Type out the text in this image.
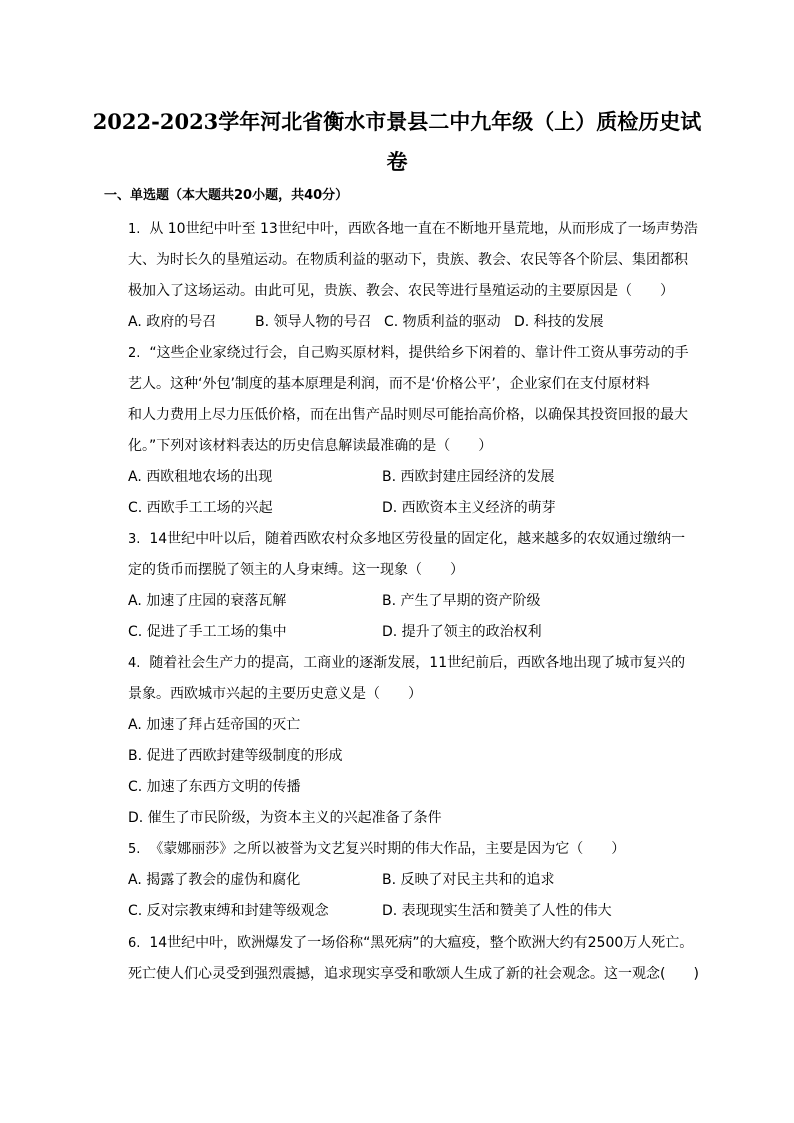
2022-2023学年河北省衡水市景县二中九年级（上）质检历史试
卷
一、单选题（本大题共20小题，共40分）
1. 从 10世纪中叶至 13世纪中叶，西欧各地一直在不断地开垦荒地，从而形成了一场声势浩
大、为时长久的垦殖运动。在物质利益的驱动下，贵族、教会、农民等各个阶层、集团都积
极加入了这场运动。由此可见，贵族、教会、农民等进行垦殖运动的主要原因是（　　）
A. 政府的号召	B. 领导人物的号召 C. 物质利益的驱动 D. 科技的发展
2. “这些企业家绕过行会，自己购买原材料，提供给乡下闲着的、靠计件工资从事劳动的手
艺人。这种‘外包’制度的基本原理是利润，而不是‘价格公平’，企业家们在支付原材料
和人力费用上尽力压低价格，而在出售产品时则尽可能抬高价格，以确保其投资回报的最大
化。”下列对该材料表达的历史信息解读最准确的是（　　）
A. 西欧租地农场的出现	B. 西欧封建庄园经济的发展
C. 西欧手工工场的兴起	D. 西欧资本主义经济的萌芽
3. 14世纪中叶以后，随着西欧农村众多地区劳役量的固定化，越来越多的农奴通过缴纳一
定的货币而摆脱了领主的人身束缚。这一现象（　　）
A. 加速了庄园的衰落瓦解	B. 产生了早期的资产阶级
C. 促进了手工工场的集中	D. 提升了领主的政治权利
4. 随着社会生产力的提高，工商业的逐渐发展，11世纪前后，西欧各地出现了城市复兴的
景象。西欧城市兴起的主要历史意义是（　　）
A. 加速了拜占廷帝国的灭亡
B. 促进了西欧封建等级制度的形成
C. 加速了东西方文明的传播
D. 催生了市民阶级，为资本主义的兴起准备了条件
5. 《蒙娜丽莎》之所以被誉为文艺复兴时期的伟大作品，主要是因为它（　　）
A. 揭露了教会的虚伪和腐化	B. 反映了对民主共和的追求
C. 反对宗教束缚和封建等级观念	D. 表现现实生活和赞美了人性的伟大
6. 14世纪中叶，欧洲爆发了一场俗称“黑死病”的大瘟疫，整个欧洲大约有2500万人死亡。
死亡使人们心灵受到强烈震撼，追求现实享受和歌颂人生成了新的社会观念。这一观念(　　)
